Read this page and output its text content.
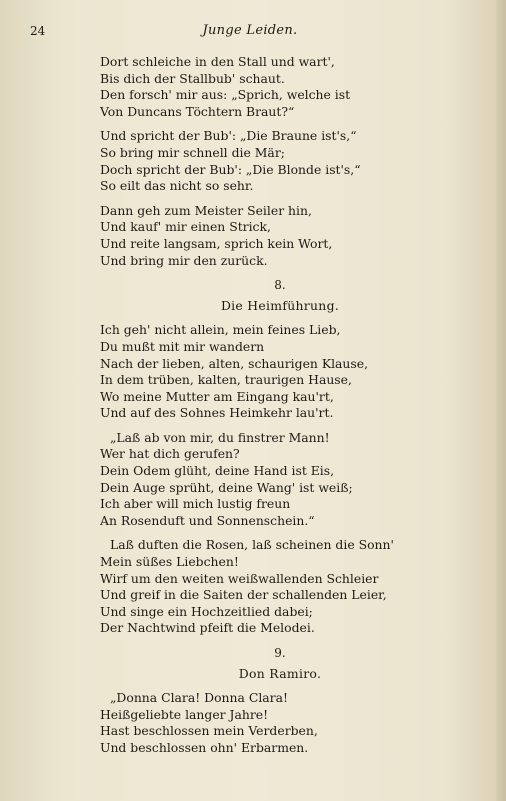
24	Junge Leiden.
Dort schleiche in den Stall und wart',
Bis dich der Stallbub' schaut.
Den forsch' mir aus: „Sprich, welche ist
Von Duncans Töchtern Braut?“
Und spricht der Bub': „Die Braune ist's,“
So bring mir schnell die Mär;
Doch spricht der Bub': „Die Blonde ist's,“
So eilt das nicht so sehr.
Dann geh zum Meister Seiler hin,
Und kauf' mir einen Strick,
Und reite langsam, sprich kein Wort,
Und bring mir den zurück.
8.
Die Heimführung.
Ich geh' nicht allein, mein feines Lieb,
Du mußt mit mir wandern
Nach der lieben, alten, schaurigen Klause,
In dem trüben, kalten, traurigen Hause,
Wo meine Mutter am Eingang kau'rt,
Und auf des Sohnes Heimkehr lau'rt.
„Laß ab von mir, du finstrer Mann!
Wer hat dich gerufen?
Dein Odem glüht, deine Hand ist Eis,
Dein Auge sprüht, deine Wang' ist weiß;
Ich aber will mich lustig freun
An Rosenduft und Sonnenschein.“
Laß duften die Rosen, laß scheinen die Sonn'
Mein süßes Liebchen!
Wirf um den weiten weißwallenden Schleier
Und greif in die Saiten der schallenden Leier,
Und singe ein Hochzeitlied dabei;
Der Nachtwind pfeift die Melodei.
9.
Don Ramiro.
„Donna Clara! Donna Clara!
Heißgeliebte langer Jahre!
Hast beschlossen mein Verderben,
Und beschlossen ohn' Erbarmen.
